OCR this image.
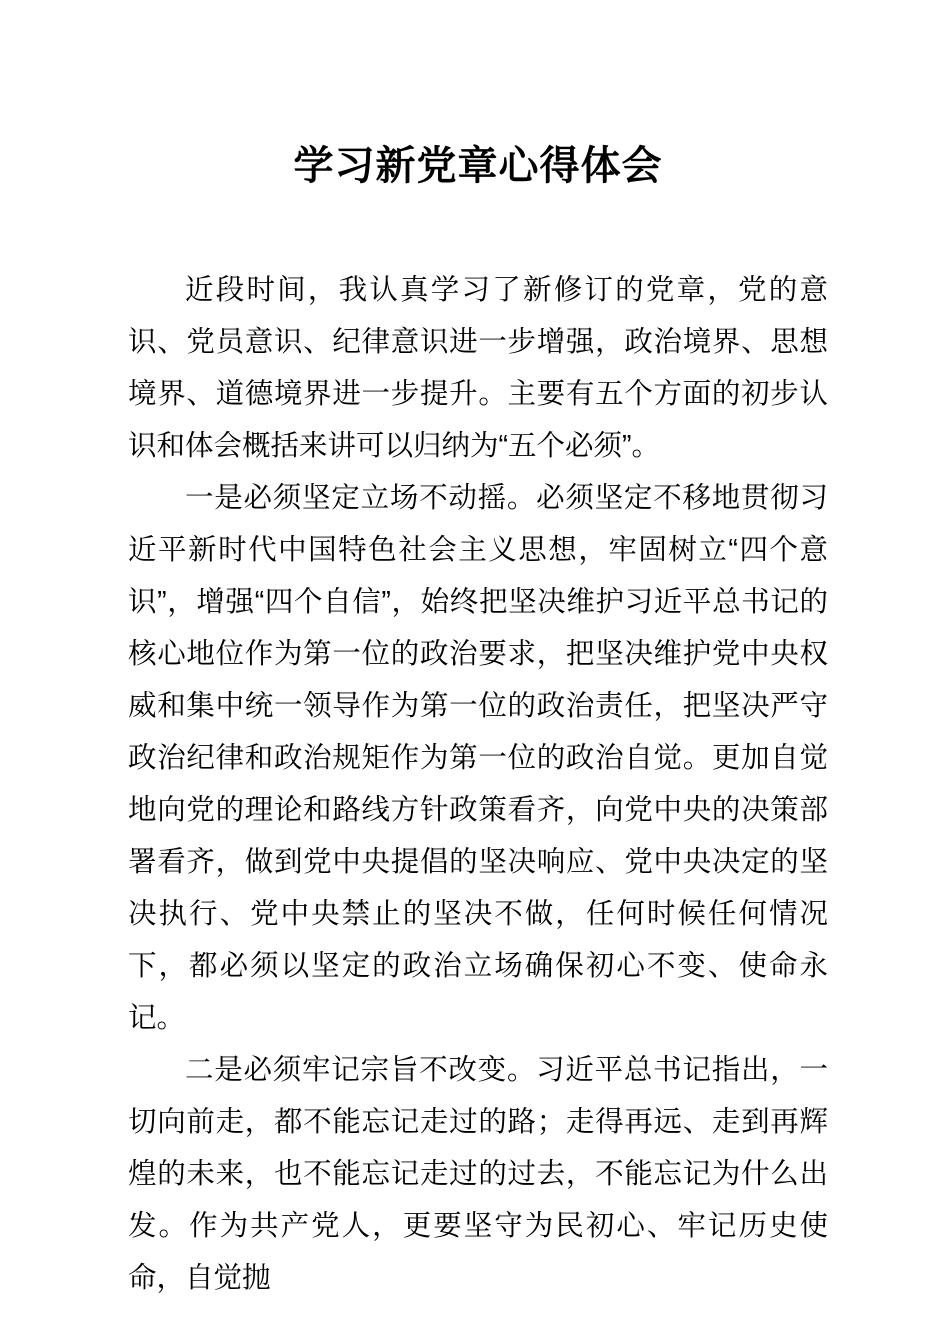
学习新党章心得体会

近段时间，我认真学习了新修订的党章，党的意识、党员意识、纪律意识进一步增强，政治境界、思想境界、道德境界进一步提升。主要有五个方面的初步认识和体会概括来讲可以归纳为“五个必须”。

一是必须坚定立场不动摇。必须坚定不移地贯彻习近平新时代中国特色社会主义思想，牢固树立“四个意识”，增强“四个自信”，始终把坚决维护习近平总书记的核心地位作为第一位的政治要求，把坚决维护党中央权威和集中统一领导作为第一位的政治责任，把坚决严守政治纪律和政治规矩作为第一位的政治自觉。更加自觉地向党的理论和路线方针政策看齐，向党中央的决策部署看齐，做到党中央提倡的坚决响应、党中央决定的坚决执行、党中央禁止的坚决不做，任何时候任何情况下，都必须以坚定的政治立场确保初心不变、使命永记。

二是必须牢记宗旨不改变。习近平总书记指出，一切向前走，都不能忘记走过的路；走得再远、走到再辉煌的未来，也不能忘记走过的过去，不能忘记为什么出发。作为共产党人，更要坚守为民初心、牢记历史使命，自觉抛
